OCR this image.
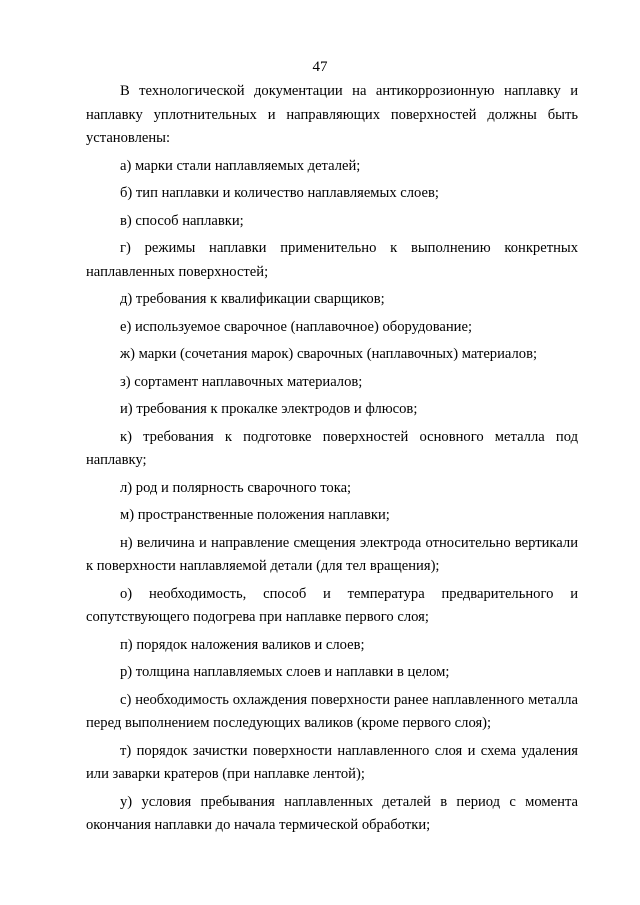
47

В технологической документации на антикоррозионную наплавку и наплавку уплотнительных и направляющих поверхностей должны быть установлены:

а) марки стали наплавляемых деталей;

б) тип наплавки и количество наплавляемых слоев;

в) способ наплавки;

г) режимы наплавки применительно к выполнению конкретных наплавленных поверхностей;

д) требования к квалификации сварщиков;

е) используемое сварочное (наплавочное) оборудование;

ж) марки (сочетания марок) сварочных (наплавочных) материалов;

з) сортамент наплавочных материалов;

и) требования к прокалке электродов и флюсов;

к) требования к подготовке поверхностей основного металла под наплавку;

л) род и полярность сварочного тока;

м) пространственные положения наплавки;

н) величина и направление смещения электрода относительно вертикали к поверхности наплавляемой детали (для тел вращения);

о) необходимость, способ и температура предварительного и сопутствующего подогрева при наплавке первого слоя;

п) порядок наложения валиков и слоев;

р) толщина наплавляемых слоев и наплавки в целом;

с) необходимость охлаждения поверхности ранее наплавленного металла перед выполнением последующих валиков (кроме первого слоя);

т) порядок зачистки поверхности наплавленного слоя и схема удаления или заварки кратеров (при наплавке лентой);

у) условия пребывания наплавленных деталей в период с момента окончания наплавки до начала термической обработки;
